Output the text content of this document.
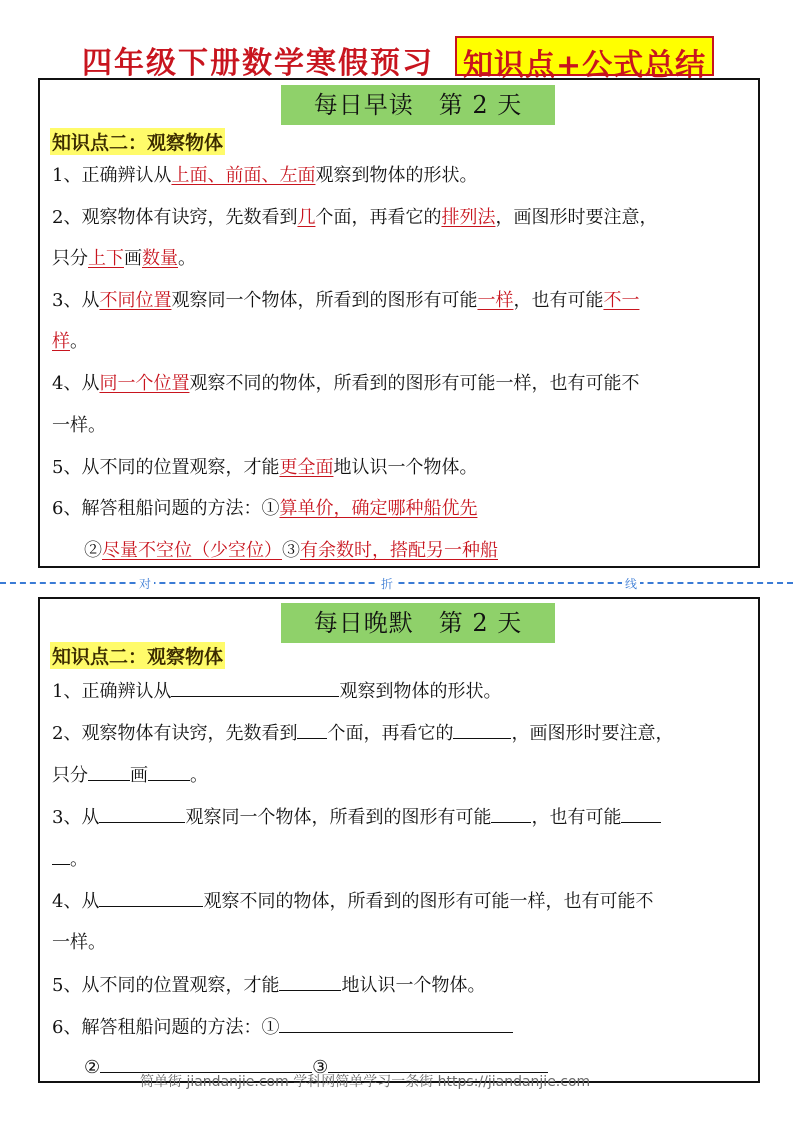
四年级下册数学寒假预习 知识点+公式总结
每日早读　第 2 天
知识点二：观察物体
1、正确辨认从上面、前面、左面观察到物体的形状。
2、观察物体有诀窍，先数看到几个面，再看它的排列法，画图形时要注意，
只分上下画数量。
3、从不同位置观察同一个物体，所看到的图形有可能一样，也有可能不一
样。
4、从同一个位置观察不同的物体，所看到的图形有可能一样，也有可能不
一样。
5、从不同的位置观察，才能更全面地认识一个物体。
6、解答租船问题的方法：①算单价，确定哪种船优先
②尽量不空位（少空位）③有余数时，搭配另一种船
对	折	线
每日晚默　第 2 天
知识点二：观察物体
1、正确辨认从	观察到物体的形状。
2、观察物体有诀窍，先数看到 个面，再看它的	，画图形时要注意，
只分 画 。
3、从	观察同一个物体，所看到的图形有可能 ，也有可能
。
4、从	观察不同的物体，所看到的图形有可能一样，也有可能不
一样。
5、从不同的位置观察，才能	地认识一个物体。
6、解答租船问题的方法：①
②	③
简单街 jiandanjie.com 学科网简单学习一条街 https://jiandanjie.com
